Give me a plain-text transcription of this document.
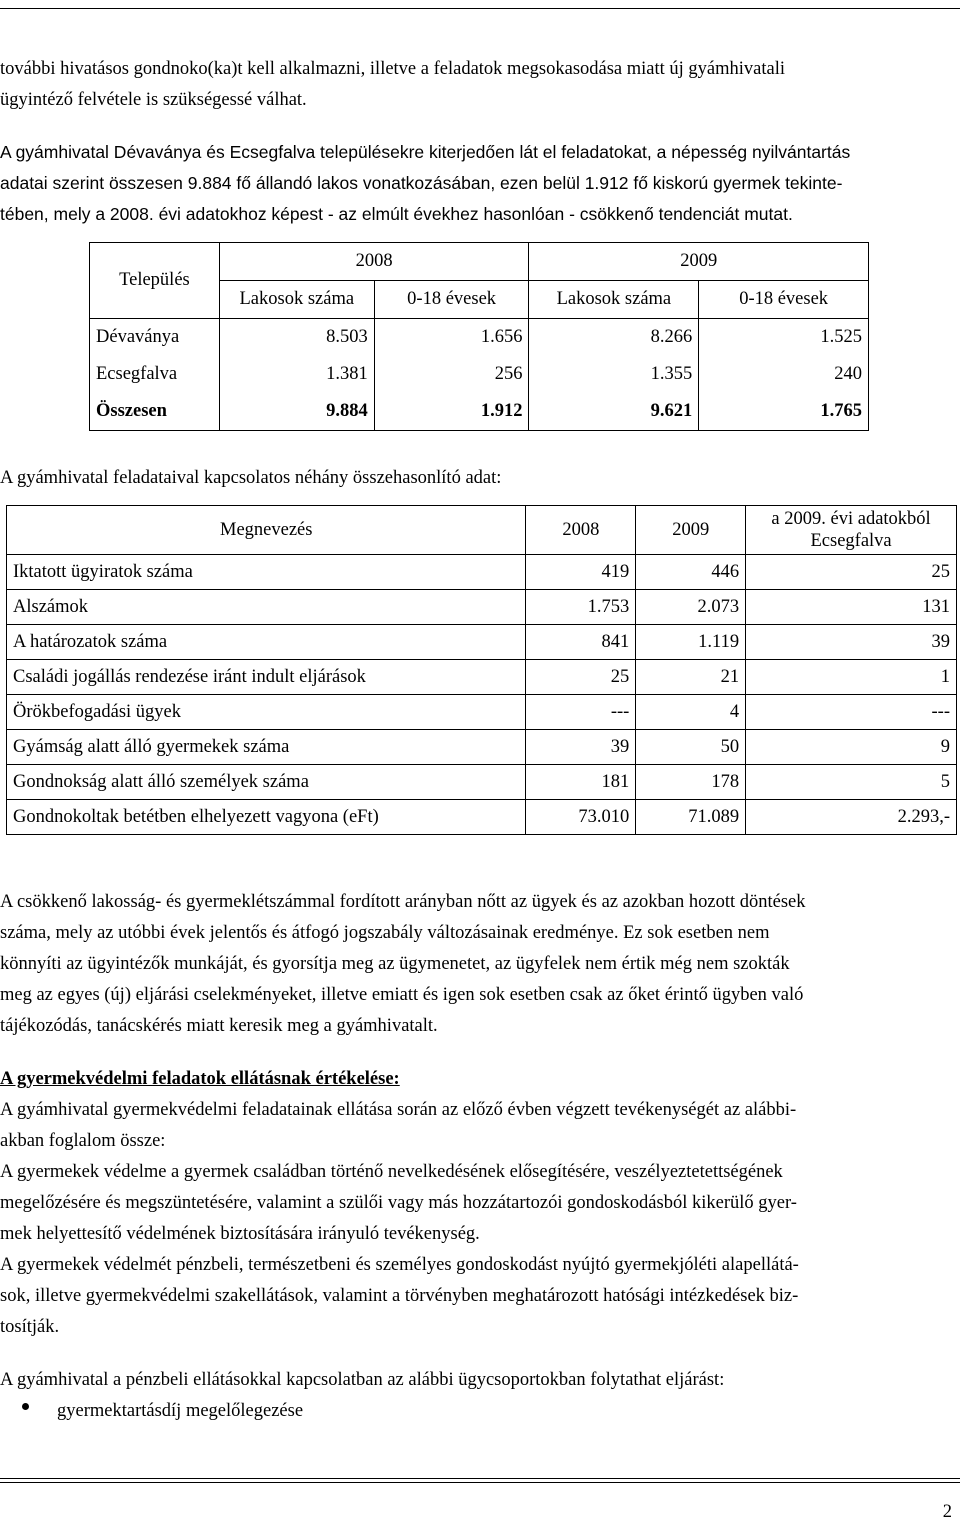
további hivatásos gondnoko(ka)t kell alkalmazni, illetve a feladatok megsokasodása miatt új gyámhivatali
ügyintéző felvétele is szükségessé válhat.

A gyámhivatal Dévaványa és Ecsegfalva településekre kiterjedően lát el feladatokat, a népesség nyilvántartás
adatai szerint összesen 9.884 fő állandó lakos vonatkozásában, ezen belül 1.912 fő kiskorú gyermek tekinte-
tében, mely a 2008. évi adatokhoz képest - az elmúlt évekhez hasonlóan - csökkenő tendenciát mutat.

Település	2008		2009	
	Lakosok száma	0-18 évesek	Lakosok száma	0-18 évesek
Dévaványa	8.503	1.656	8.266	1.525
Ecsegfalva	1.381	256	1.355	240
Összesen	9.884	1.912	9.621	1.765

A gyámhivatal feladataival kapcsolatos néhány összehasonlító adat:

Megnevezés	2008	2009	a 2009. évi adatokból
Ecsegfalva

Iktatott ügyiratok száma	419	446	25
Alszámok	1.753	2.073	131
A határozatok száma	841	1.119	39
Családi jogállás rendezése iránt indult eljárások	25	21	1
Örökbefogadási ügyek	---	4	---
Gyámság alatt álló gyermekek száma	39	50	9
Gondnokság alatt álló személyek száma	181	178	5
Gondnokoltak betétben elhelyezett vagyona (eFt)	73.010	71.089	2.293,-

A csökkenő lakosság- és gyermeklétszámmal fordított arányban nőtt az ügyek és az azokban hozott döntések
száma, mely az utóbbi évek jelentős és átfogó jogszabály változásainak eredménye. Ez sok esetben nem
könnyíti az ügyintézők munkáját, és gyorsítja meg az ügymenetet, az ügyfelek nem értik még nem szokták
meg az egyes (új) eljárási cselekményeket, illetve emiatt és igen sok esetben csak az őket érintő ügyben való
tájékozódás, tanácskérés miatt keresik meg a gyámhivatalt.

A gyermekvédelmi feladatok ellátásnak értékelése:

A gyámhivatal gyermekvédelmi feladatainak ellátása során az előző évben végzett tevékenységét az alábbi-
akban foglalom össze:
A gyermekek védelme a gyermek családban történő nevelkedésének elősegítésére, veszélyeztetettségének
megelőzésére és megszüntetésére, valamint a szülői vagy más hozzátartozói gondoskodásból kikerülő gyer-
mek helyettesítő védelmének biztosítására irányuló tevékenység.
A gyermekek védelmét pénzbeli, természetbeni és személyes gondoskodást nyújtó gyermekjóléti alapellátá-
sok, illetve gyermekvédelmi szakellátások, valamint a törvényben meghatározott hatósági intézkedések biz-
tosítják.

A gyámhivatal a pénzbeli ellátásokkal kapcsolatban az alábbi ügycsoportokban folytathat eljárást:

gyermektartásdíj megelőlegezése
2
